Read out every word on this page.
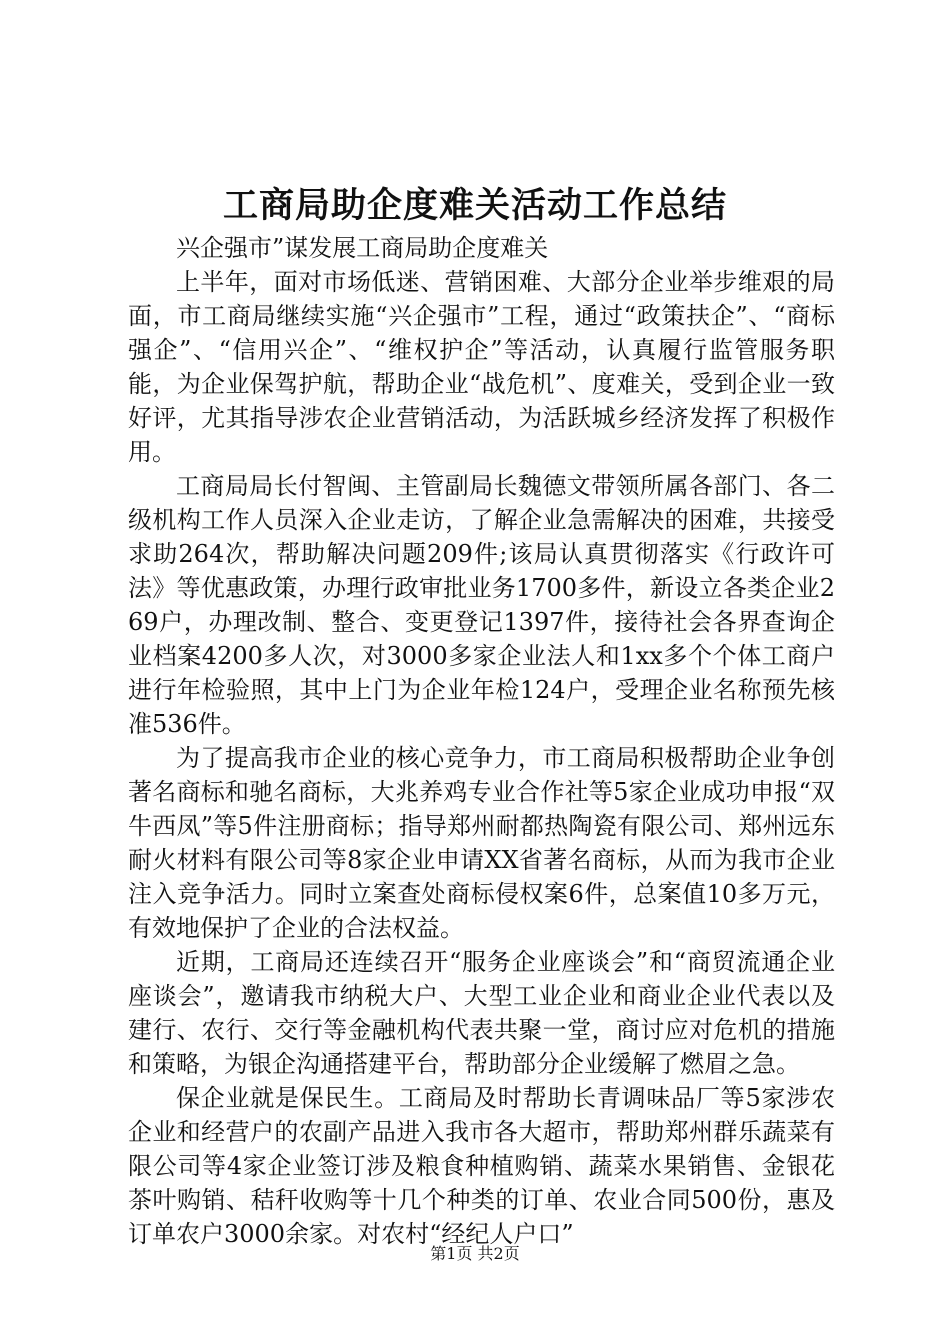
工商局助企度难关活动工作总结

兴企强市”谋发展工商局助企度难关

上半年，面对市场低迷、营销困难、大部分企业举步维艰的局面，市工商局继续实施“兴企强市”工程，通过“政策扶企”、“商标强企”、“信用兴企”、“维权护企”等活动，认真履行监管服务职能，为企业保驾护航，帮助企业“战危机”、度难关，受到企业一致好评，尤其指导涉农企业营销活动，为活跃城乡经济发挥了积极作用。

工商局局长付智闽、主管副局长魏德文带领所属各部门、各二级机构工作人员深入企业走访，了解企业急需解决的困难，共接受求助264次，帮助解决问题209件;该局认真贯彻落实《行政许可法》等优惠政策，办理行政审批业务1700多件，新设立各类企业269户，办理改制、整合、变更登记1397件，接待社会各界查询企业档案4200多人次，对3000多家企业法人和1xx多个个体工商户进行年检验照，其中上门为企业年检124户，受理企业名称预先核准536件。

为了提高我市企业的核心竞争力，市工商局积极帮助企业争创著名商标和驰名商标，大兆养鸡专业合作社等5家企业成功申报“双牛西凤”等5件注册商标；指导郑州耐都热陶瓷有限公司、郑州远东耐火材料有限公司等8家企业申请XX省著名商标，从而为我市企业注入竞争活力。同时立案查处商标侵权案6件，总案值10多万元，有效地保护了企业的合法权益。

近期，工商局还连续召开“服务企业座谈会”和“商贸流通企业座谈会”，邀请我市纳税大户、大型工业企业和商业企业代表以及建行、农行、交行等金融机构代表共聚一堂，商讨应对危机的措施和策略，为银企沟通搭建平台，帮助部分企业缓解了燃眉之急。

保企业就是保民生。工商局及时帮助长青调味品厂等5家涉农企业和经营户的农副产品进入我市各大超市，帮助郑州群乐蔬菜有限公司等4家企业签订涉及粮食种植购销、蔬菜水果销售、金银花茶叶购销、秸秆收购等十几个种类的订单、农业合同500份，惠及订单农户3000余家。对农村“经纪人户口”

第1页 共2页
